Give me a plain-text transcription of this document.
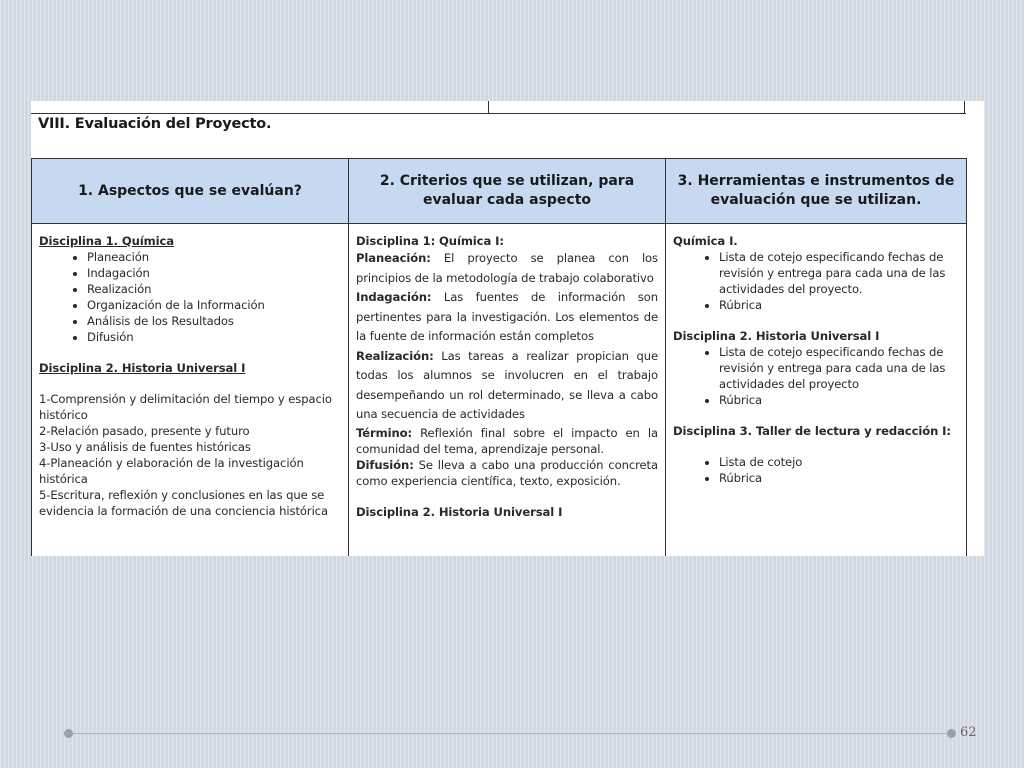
VIII. Evaluación del Proyecto.
1. Aspectos que se evalúan?
2. Criterios que se utilizan, para evaluar cada aspecto
3. Herramientas e instrumentos de evaluación que se utilizan.
Disciplina 1. Química
• Planeación
• Indagación
• Realización
• Organización de la Información
• Análisis de los Resultados
• Difusión
Disciplina 2. Historia Universal I

1-Comprensión y delimitación del tiempo y espacio histórico

2-Relación pasado, presente y futuro

3-Uso y análisis de fuentes históricas

4-Planeación y elaboración de la investigación histórica

5-Escritura, reflexión y conclusiones en las que se evidencia la formación de una conciencia histórica

Disciplina 1: Química I:

Planeación: El proyecto se planea con los principios de la metodología de trabajo colaborativo

Indagación: Las fuentes de información son pertinentes para la investigación. Los elementos de la fuente de información están completos

Realización: Las tareas a realizar propician que todas los alumnos se involucren en el trabajo desempeñando un rol determinado, se lleva a cabo una secuencia de actividades

Término: Reflexión final sobre el impacto en la comunidad del tema, aprendizaje personal.

Difusión: Se lleva a cabo una producción concreta como experiencia científica, texto, exposición.

Disciplina 2. Historia Universal I
Química I.
• Lista de cotejo especificando fechas de revisión y entrega para cada una de las actividades del proyecto.
• Rúbrica
Disciplina 2. Historia Universal I
• Lista de cotejo especificando fechas de revisión y entrega para cada una de las actividades del proyecto
• Rúbrica
Disciplina 3. Taller de lectura y redacción I:
• Lista de cotejo
• Rúbrica
62
